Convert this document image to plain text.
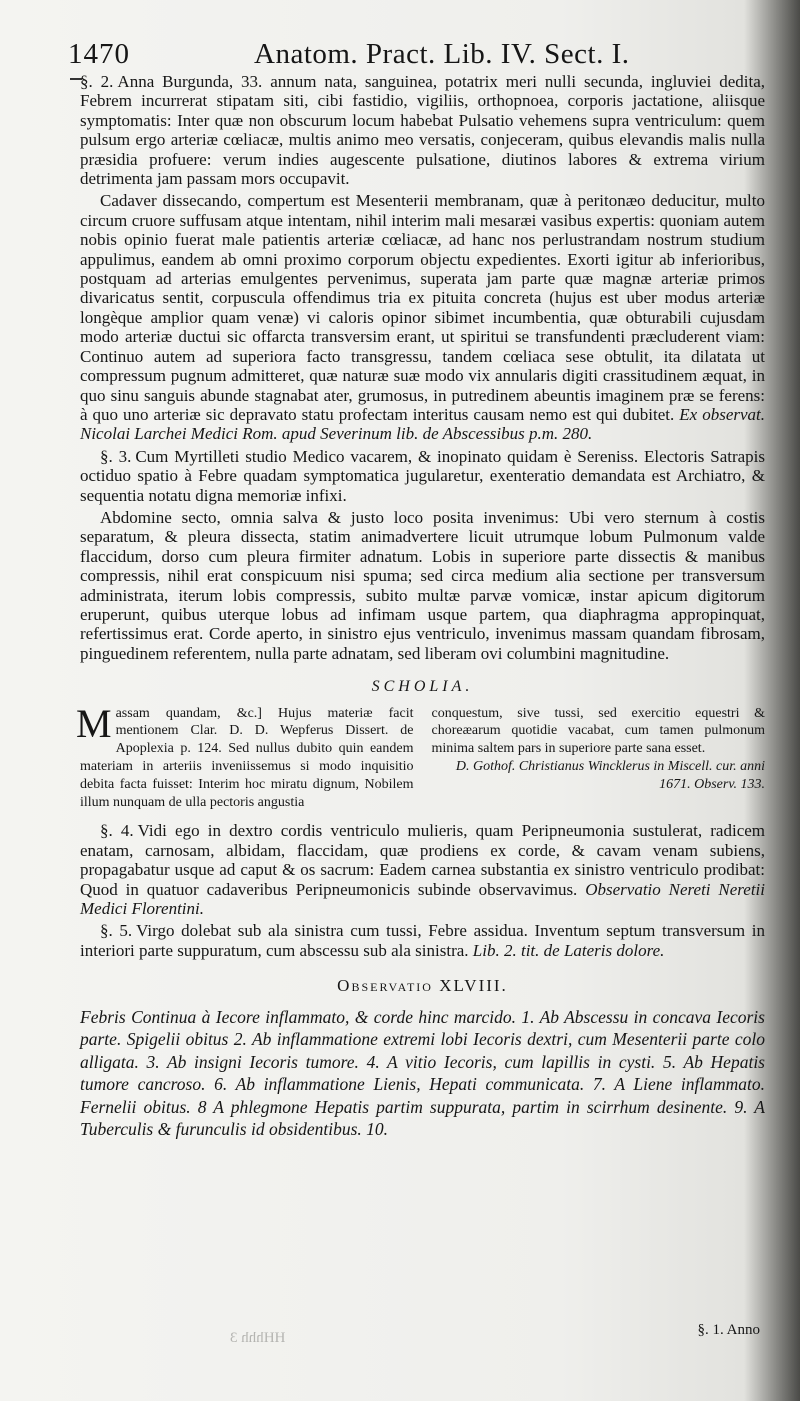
1470	Anatom. Pract. Lib. IV. Sect. I.

§. 2. Anna Burgunda, 33. annum nata, sanguinea, potatrix meri nulli secunda, ingluviei dedita, Febrem incurrerat stipatam siti, cibi fastidio, vigiliis, orthopnoea, corporis jactatione, aliisque symptomatis: Inter quæ non obscurum locum habebat Pulsatio vehemens supra ventriculum: quem pulsum ergo arteriæ cœliacæ, multis animo meo versatis, conjeceram, quibus elevandis malis nulla præsidia profuere: verum indies augescente pulsatione, diutinos labores & extrema virium detrimenta jam passam mors occupavit.

Cadaver dissecando, compertum est Mesenterii membranam, quæ à peritonæo deducitur, multo circum cruore suffusam atque intentam, nihil interim mali mesaræi vasibus expertis: quoniam autem nobis opinio fuerat male patientis arteriæ cœliacæ, ad hanc nos perlustrandam nostrum studium appulimus, eandem ab omni proximo corporum objectu expedientes. Exorti igitur ab inferioribus, postquam ad arterias emulgentes pervenimus, superata jam parte quæ magnæ arteriæ primos divaricatus sentit, corpuscula offendimus tria ex pituita concreta (hujus est uber modus arteriæ longèque amplior quam venæ) vi caloris opinor sibimet incumbentia, quæ obturabili cujusdam modo arteriæ ductui sic offarcta transversim erant, ut spiritui se transfundenti præcluderent viam: Continuo autem ad superiora facto transgressu, tandem cœliaca sese obtulit, ita dilatata ut compressum pugnum admitteret, quæ naturæ suæ modo vix annularis digiti crassitudinem æquat, in quo sinu sanguis abunde stagnabat ater, grumosus, in putredinem abeuntis imaginem præ se ferens: à quo uno arteriæ sic depravato statu profectam interitus causam nemo est qui dubitet. Ex observat. Nicolai Larchei Medici Rom. apud Severinum lib. de Abscessibus p.m. 280.

§. 3. Cum Myrtilleti studio Medico vacarem, & inopinato quidam è Sereniss. Electoris Satrapis octiduo spatio à Febre quadam symptomatica jugularetur, exenteratio demandata est Archiatro, & sequentia notatu digna memoriæ infixi.

Abdomine secto, omnia salva & justo loco posita invenimus: Ubi vero sternum à costis separatum, & pleura dissecta, statim animadvertere licuit utrumque lobum Pulmonum valde flaccidum, dorso cum pleura firmiter adnatum. Lobis in superiore parte dissectis & manibus compressis, nihil erat conspicuum nisi spuma; sed circa medium alia sectione per transversum administrata, iterum lobis compressis, subito multæ parvæ vomicæ, instar apicum digitorum eruperunt, quibus uterque lobus ad infimam usque partem, qua diaphragma appropinquat, refertissimus erat. Corde aperto, in sinistro ejus ventriculo, invenimus massam quandam fibrosam, pinguedinem referentem, nulla parte adnatam, sed liberam ovi columbini magnitudine.

SCHOLIA.
Massam quandam, &c.] Hujus materiæ facit mentionem Clar. D. D. Wepferus Dissert. de Apoplexia p. 124. Sed nullus dubito quin eandem materiam in arteriis inveniissemus si modo inquisitio debita facta fuisset: Interim hoc miratu dignum, Nobilem illum nunquam de ulla pectoris angustia
conquestum, sive tussi, sed exercitio equestri & choreæarum quotidie vacabat, cum tamen pulmonum minima saltem pars in superiore parte sana esset.
D. Gothof. Christianus Wincklerus in Miscell. cur. anni
1671. Observ. 133.

§. 4. Vidi ego in dextro cordis ventriculo mulieris, quam Peripneumonia sustulerat, radicem enatam, carnosam, albidam, flaccidam, quæ prodiens ex corde, & cavam venam subiens, propagabatur usque ad caput & os sacrum: Eadem carnea substantia ex sinistro ventriculo prodibat: Quod in quatuor cadaveribus Peripneumonicis subinde observavimus. Observatio Nereti Neretii Medici Florentini.

§. 5. Virgo dolebat sub ala sinistra cum tussi, Febre assidua. Inventum septum transversum in interiori parte suppuratum, cum abscessu sub ala sinistra. Lib. 2. tit. de Lateris dolore.

Observatio XLVIII.

Febris Continua à Iecore inflammato, & corde hinc marcido. 1. Ab Abscessu in concava Iecoris parte. Spigelii obitus 2. Ab inflammatione extremi lobi Iecoris dextri, cum Mesenterii parte colo alligata. 3. Ab insigni Iecoris tumore. 4. A vitio Iecoris, cum lapillis in cysti. 5. Ab Hepatis tumore cancroso. 6. Ab inflammatione Lienis, Hepati communicata. 7. A Liene inflammato. Fernelii obitus. 8 A phlegmone Hepatis partim suppurata, partim in scirrhum desinente. 9. A Tuberculis & furunculis id obsidentibus. 10.

HHhhh 3	§. 1. Anno
